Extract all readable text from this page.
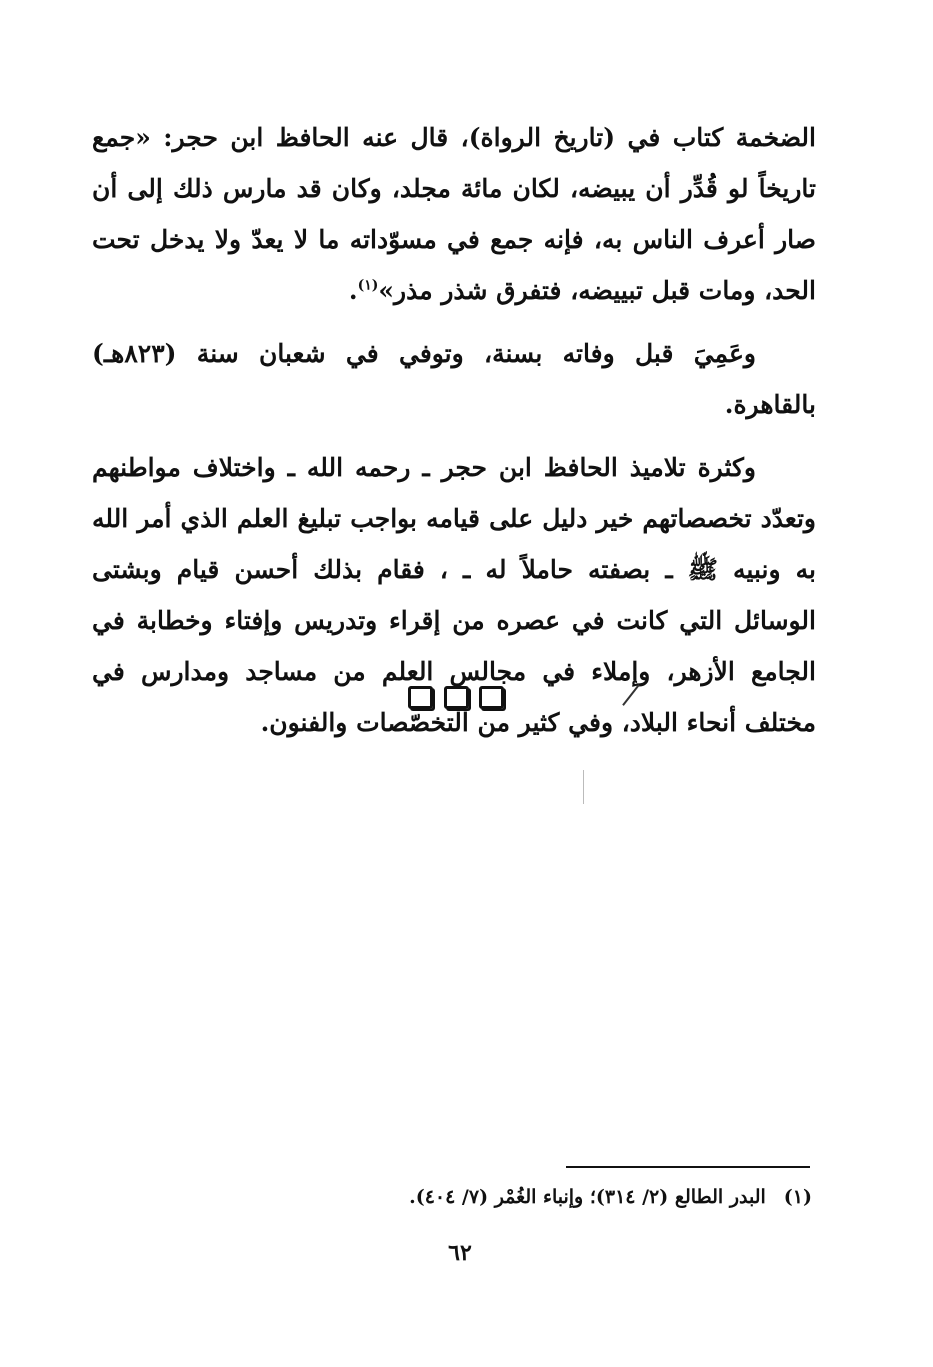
الضخمة كتاب في (تاريخ الرواة)، قال عنه الحافظ ابن حجر: «جمع تاريخاً لو قُدِّر أن يبيضه، لكان مائة مجلد، وكان قد مارس ذلك إلى أن صار أعرف الناس به، فإنه جمع في مسوّداته ما لا يعدّ ولا يدخل تحت الحد، ومات قبل تبييضه، فتفرق شذر مذر»$^{(١)}$.

وعَمِيَ قبل وفاته بسنة، وتوفي في شعبان سنة (٨٢٣هـ) بالقاهرة.

وكثرة تلاميذ الحافظ ابن حجر ـ رحمه الله ـ واختلاف مواطنهم وتعدّد تخصصاتهم خير دليل على قيامه بواجب تبليغ العلم الذي أمر الله به ونبيه ﷺ ـ بصفته حاملاً له ـ ، فقام بذلك أحسن قيام وبشتى الوسائل التي كانت في عصره من إقراء وتدريس وإفتاء وخطابة في الجامع الأزهر، وإملاء في مجالس العلم من مساجد ومدارس في مختلف أنحاء البلاد، وفي كثير من التخصّصات والفنون.

(١)البدر الطالع (٢/ ٣١٤)؛ وإنباء الغُمْر (٧/ ٤٠٤).
٦٢
